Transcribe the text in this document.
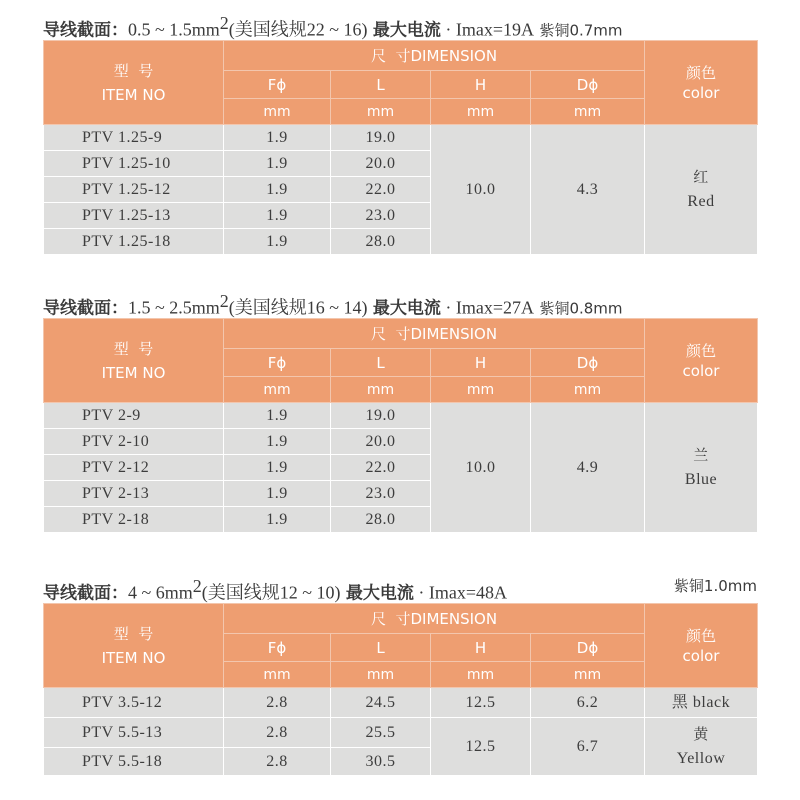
导线截面：0.5 ~ $1.5mm^2$(美国线规22 ~ 16) 最大电流 · Imax=19A 紫铜0.7mm
型  号
ITEM NO	尺  寸DIMENSION				颜色
color
	Fϕ	L	H	Dϕ	
	mm	mm	mm	mm	
PTV 1.25-9	1.9	19.0	10.0	4.3	红
Red
PTV 1.25-10	1.9	20.0			
PTV 1.25-12	1.9	22.0			
PTV 1.25-13	1.9	23.0			
PTV 1.25-18	1.9	28.0			
导线截面：1.5 ~ $2.5mm^2$(美国线规16 ~ 14) 最大电流 · Imax=27A 紫铜0.8mm
型  号
ITEM NO	尺  寸DIMENSION				颜色
color
	Fϕ	L	H	Dϕ	
	mm	mm	mm	mm	
PTV 2-9	1.9	19.0	10.0	4.9	兰
Blue
PTV 2-10	1.9	20.0			
PTV 2-12	1.9	22.0			
PTV 2-13	1.9	23.0			
PTV 2-18	1.9	28.0			
导线截面：4 ~ $6mm^2$(美国线规12 ~ 10) 最大电流 · Imax=48A	紫铜1.0mm
型  号
ITEM NO	尺  寸DIMENSION				颜色
color
	Fϕ	L	H	Dϕ	
	mm	mm	mm	mm	
PTV 3.5-12	2.8	24.5	12.5	6.2	黑 black
PTV 5.5-13	2.8	25.5	12.5	6.7	黄
Yellow
PTV 5.5-18	2.8	30.5			
